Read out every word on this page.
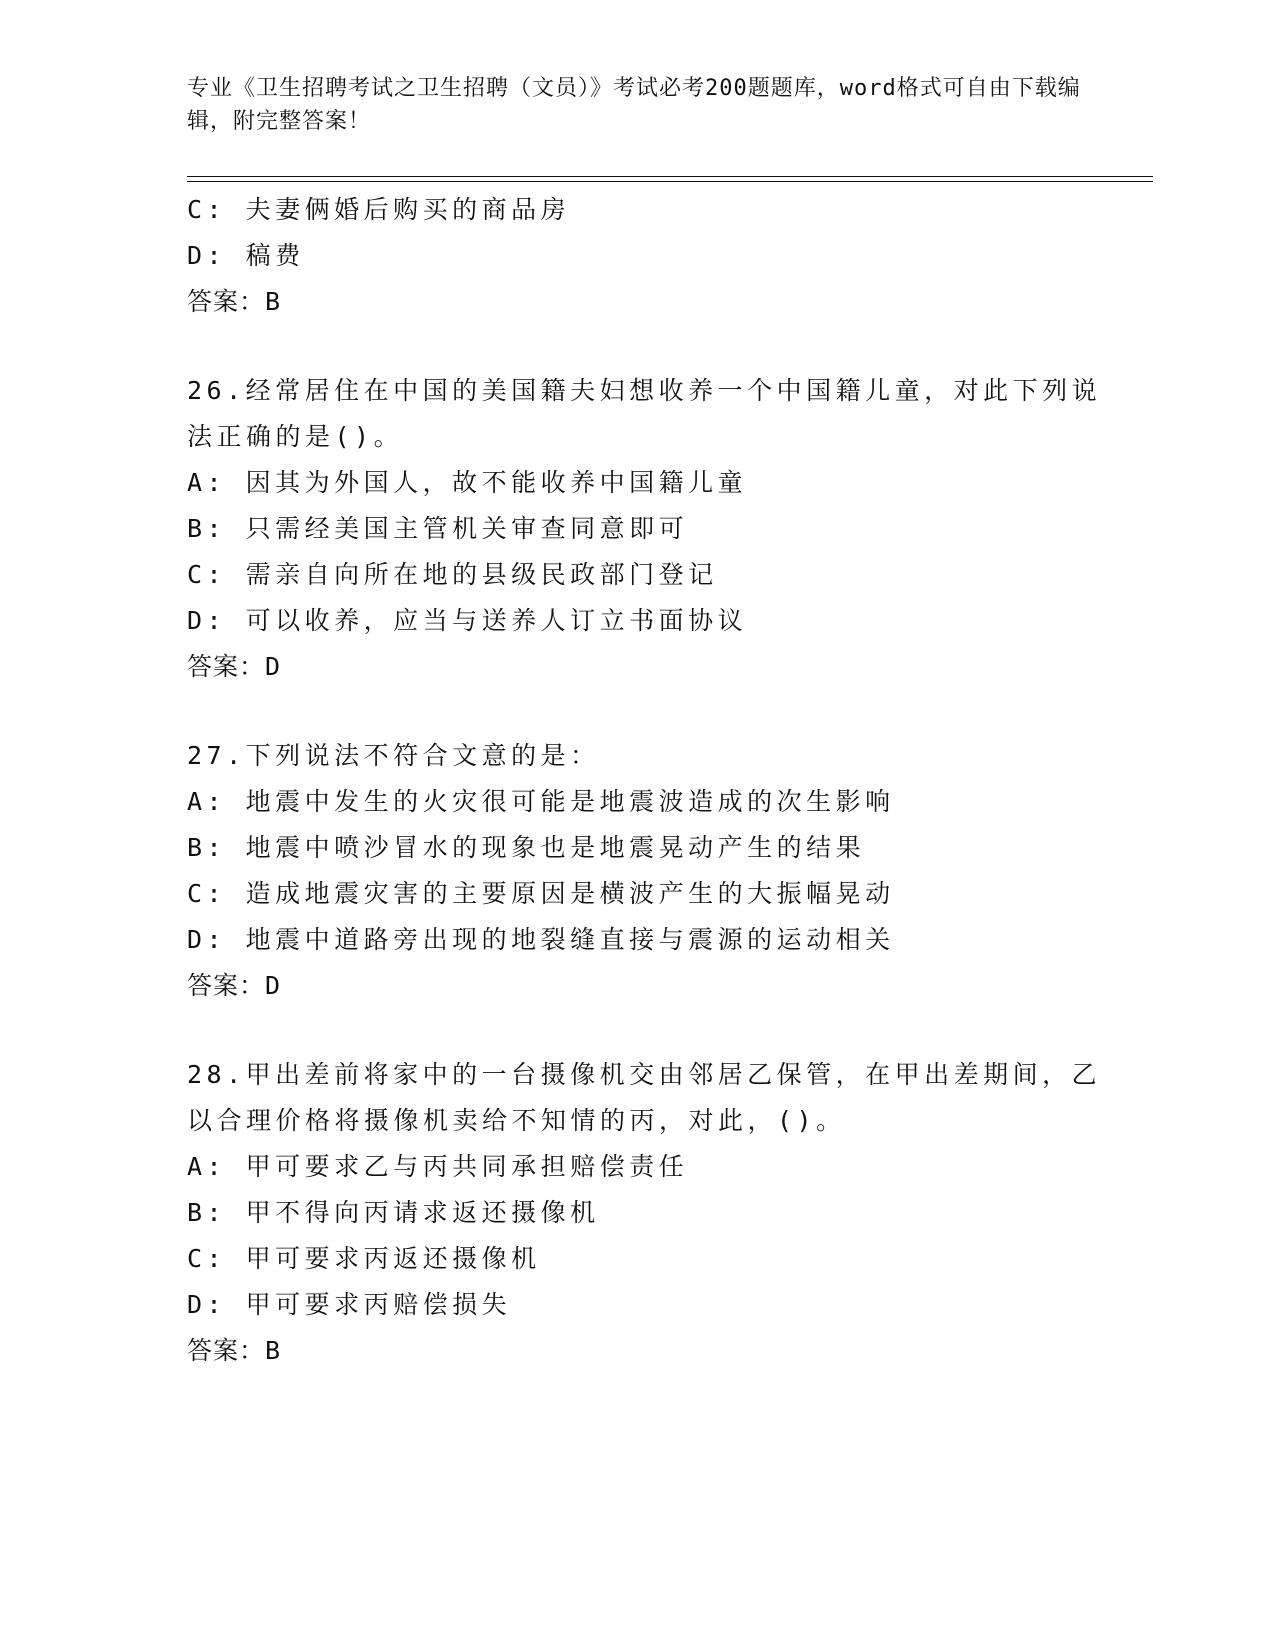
专业《卫生招聘考试之卫生招聘（文员）》考试必考200题题库，word格式可自由下载编辑，附完整答案！
C: 夫妻俩婚后购买的商品房
D: 稿费
答案：B
26.经常居住在中国的美国籍夫妇想收养一个中国籍儿童，对此下列说
法正确的是()。
A: 因其为外国人，故不能收养中国籍儿童
B: 只需经美国主管机关审查同意即可
C: 需亲自向所在地的县级民政部门登记
D: 可以收养，应当与送养人订立书面协议
答案：D
27.下列说法不符合文意的是：
A: 地震中发生的火灾很可能是地震波造成的次生影响
B: 地震中喷沙冒水的现象也是地震晃动产生的结果
C: 造成地震灾害的主要原因是横波产生的大振幅晃动
D: 地震中道路旁出现的地裂缝直接与震源的运动相关
答案：D
28.甲出差前将家中的一台摄像机交由邻居乙保管，在甲出差期间，乙
以合理价格将摄像机卖给不知情的丙，对此，()。
A: 甲可要求乙与丙共同承担赔偿责任
B: 甲不得向丙请求返还摄像机
C: 甲可要求丙返还摄像机
D: 甲可要求丙赔偿损失
答案：B
